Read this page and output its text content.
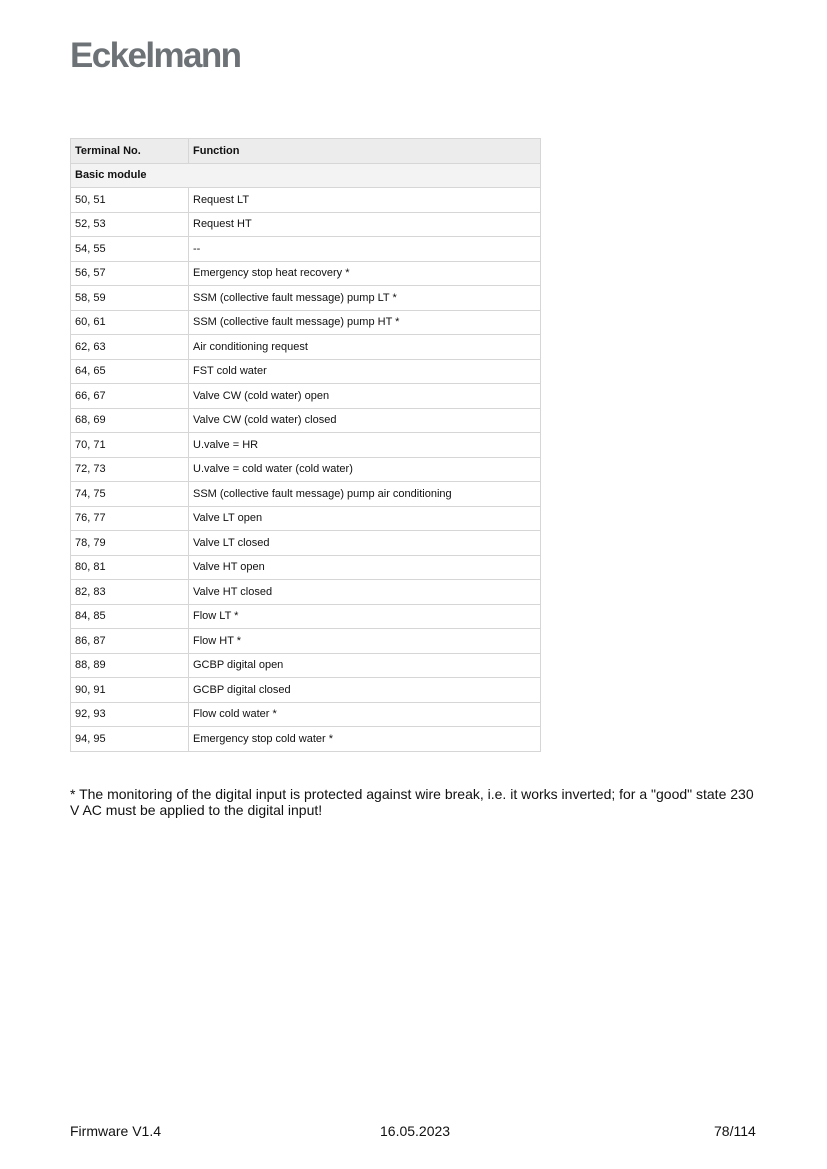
Eckelmann
Terminal No.	Function
Basic module	
50, 51	Request LT
52, 53	Request HT
54, 55	--
56, 57	Emergency stop heat recovery *
58, 59	SSM (collective fault message) pump LT *
60, 61	SSM (collective fault message) pump HT *
62, 63	Air conditioning request
64, 65	FST cold water
66, 67	Valve CW (cold water) open
68, 69	Valve CW (cold water) closed
70, 71	U.valve = HR
72, 73	U.valve = cold water (cold water)
74, 75	SSM (collective fault message) pump air conditioning
76, 77	Valve LT open
78, 79	Valve LT closed
80, 81	Valve HT open
82, 83	Valve HT closed
84, 85	Flow LT *
86, 87	Flow HT *
88, 89	GCBP digital open
90, 91	GCBP digital closed
92, 93	Flow cold water *
94, 95	Emergency stop cold water *

* The monitoring of the digital input is protected against wire break, i.e. it works inverted; for a "good" state 230 V AC must be applied to the digital input!

Firmware V1.4	16.05.2023	78/114
